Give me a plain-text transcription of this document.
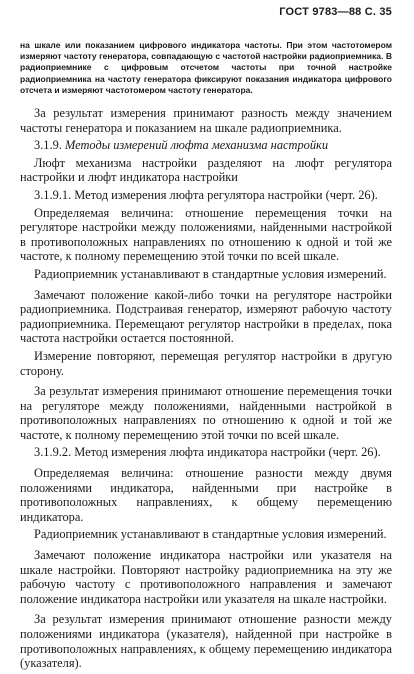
ГОСТ 9783—88 С. 35

на шкале или показанием цифрового индикатора частоты. При этом частотомером измеряют частоту генератора, совпадающую с частотой настройки радиоприемника. В радиоприемнике с цифровым отсчетом частоты при точной настройке радиоприемника на частоту генератора фиксируют показания индикатора цифрового отсчета и измеряют частотомером частоту генератора.

За результат измерения принимают разность между значением частоты генератора и показанием на шкале радиоприемника.

3.1.9. Методы измерений люфта механизма настройки

Люфт механизма настройки разделяют на люфт регулятора настройки и люфт индикатора настройки

3.1.9.1. Метод измерения люфта регулятора настройки (черт. 26).

Определяемая величина: отношение перемещения точки на регуляторе настройки между положениями, найденными настройкой в противоположных направлениях по отношению к одной и той же частоте, к полному перемещению этой точки по всей шкале.

Радиоприемник устанавливают в стандартные условия измерений.

Замечают положение какой-либо точки на регуляторе настройки радиоприемника. Подстраивая генератор, измеряют рабочую частоту радиоприемника. Перемещают регулятор настройки в пределах, пока частота настройки остается постоянной.

Измерение повторяют, перемещая регулятор настройки в другую сторону.

За результат измерения принимают отношение перемещения точки на регуляторе между положениями, найденными настройкой в противоположных направлениях по отношению к одной и той же частоте, к полному перемещению этой точки по всей шкале.

3.1.9.2. Метод измерения люфта индикатора настройки (черт. 26).

Определяемая величина: отношение разности между двумя положениями индикатора, найденными при настройке в противоположных направлениях, к общему перемещению индикатора.

Радиоприемник устанавливают в стандартные условия измерений.

Замечают положение индикатора настройки или указателя на шкале настройки. Повторяют настройку радиоприемника на эту же рабочую частоту с противоположного направления и замечают положение индикатора настройки или указателя на шкале настройки.

За результат измерения принимают отношение разности между положениями индикатора (указателя), найденной при настройке в противоположных направлениях, к общему перемещению индикатора (указателя).
